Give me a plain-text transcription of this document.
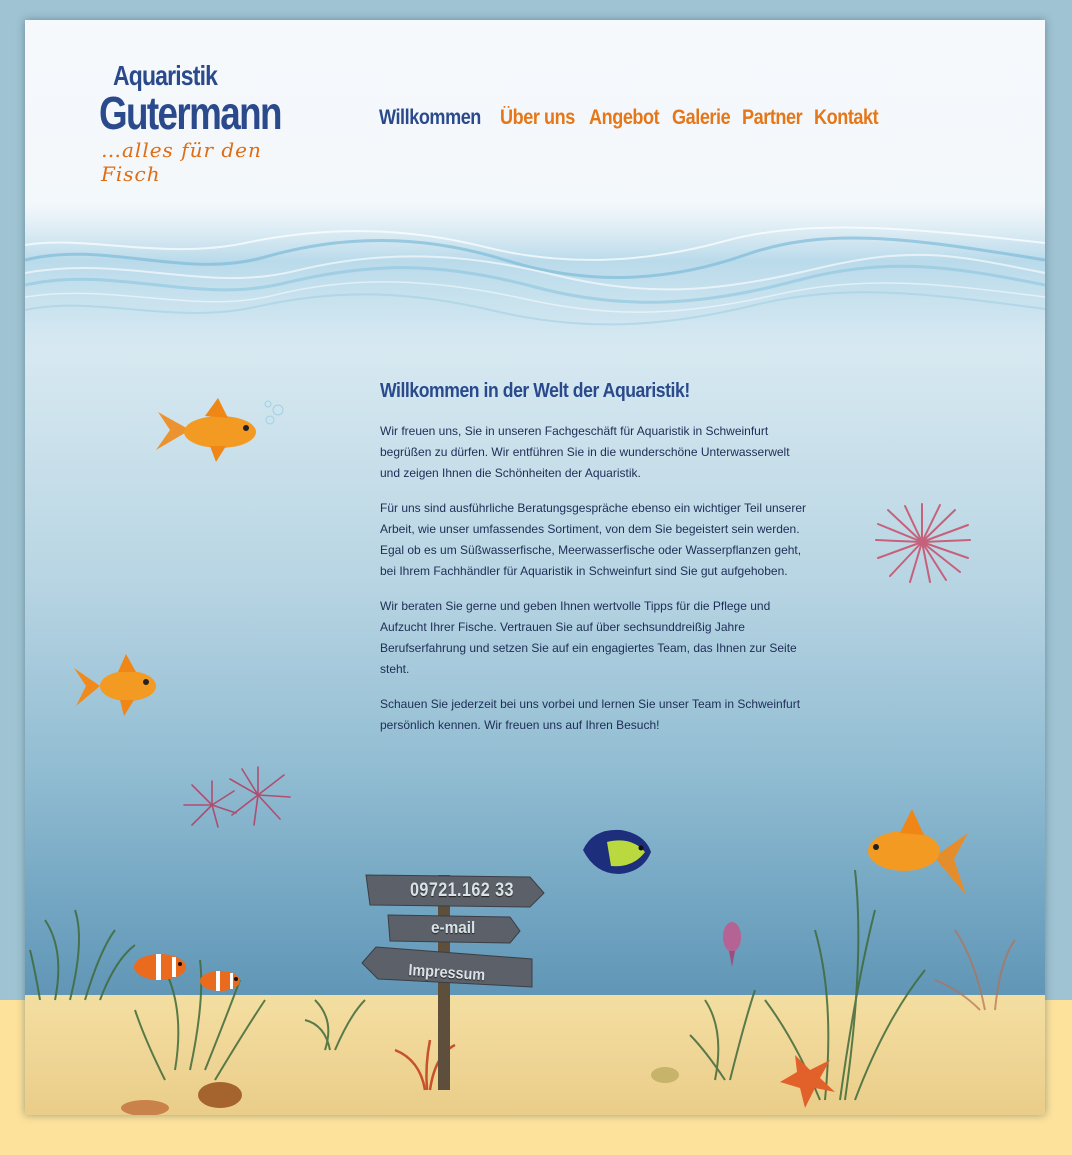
Aquaristik
Gutermann
…alles für den Fisch
Willkommen Über uns Angebot Galerie Partner Kontakt
Willkommen in der Welt der Aquaristik!

Wir freuen uns, Sie in unseren Fachgeschäft für Aquaristik in Schweinfurt begrüßen zu dürfen. Wir entführen Sie in die wunderschöne Unterwasserwelt und zeigen Ihnen die Schönheiten der Aquaristik.

Für uns sind ausführliche Beratungsgespräche ebenso ein wichtiger Teil unserer Arbeit, wie unser umfassendes Sortiment, von dem Sie begeistert sein werden. Egal ob es um Süßwasserfische, Meerwasserfische oder Wasserpflanzen geht, bei Ihrem Fachhändler für Aquaristik in Schweinfurt sind Sie gut aufgehoben.

Wir beraten Sie gerne und geben Ihnen wertvolle Tipps für die Pflege und Aufzucht Ihrer Fische. Vertrauen Sie auf über sechsunddreißig Jahre Berufserfahrung und setzen Sie auf ein engagiertes Team, das Ihnen zur Seite steht.

Schauen Sie jederzeit bei uns vorbei und lernen Sie unser Team in Schweinfurt persönlich kennen. Wir freuen uns auf Ihren Besuch!

09721.162 33
e-mail
Impressum
